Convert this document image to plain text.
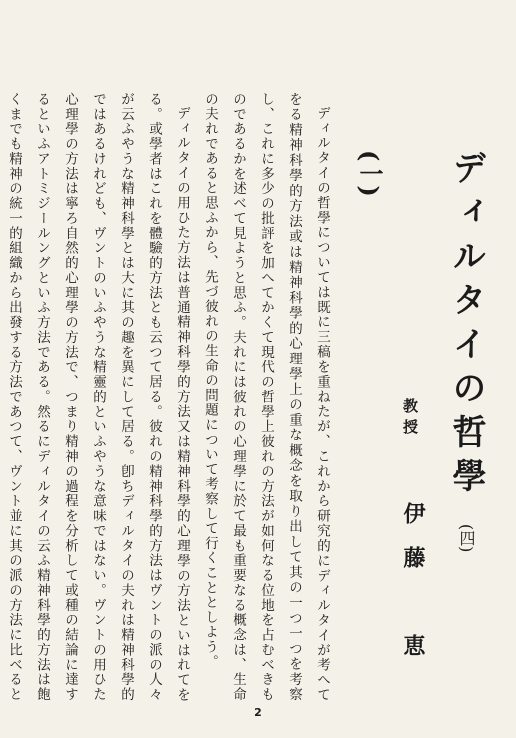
ディルタイの哲學 (四)
教授
伊藤　恵
(一)

ディルタイの哲學については既に三稿を重ねたが、これから研究的にディルタイが考へてをる精神科學的方法或は精神科學的心理學上の重な概念を取り出して其の一つ一つを考察し、これに多少の批評を加へてかくて現代の哲學上彼れの方法が如何なる位地を占むべきものであるかを述べて見ようと思ふ。夫れには彼れの心理學に於て最も重要なる概念は、生命の夫れであると思ふから、先づ彼れの生命の問題について考察して行くこととしよう。

ディルタイの用ひた方法は普通精神科學的方法又は精神科學的心理學の方法といはれてをる。或學者はこれを體驗的方法とも云つて居る。彼れの精神科學的方法はヴントの派の人々が云ふやうな精神科學とは大に其の趣を異にして居る。卽ちディルタイの夫れは精神科學的ではあるけれども、ヴントのいふやうな精靈的といふやうな意味ではない。ヴントの用ひた心理學の方法は寧ろ自然的心理學の方法で、つまり精神の過程を分析して或種の結論に達するといふアトミジールングといふ方法である。然るにディルタイの云ふ精神科學的方法は飽くまでも精神の統一的組織から出發する方法であつて、ヴント並に其の派の方法に比べると

2
